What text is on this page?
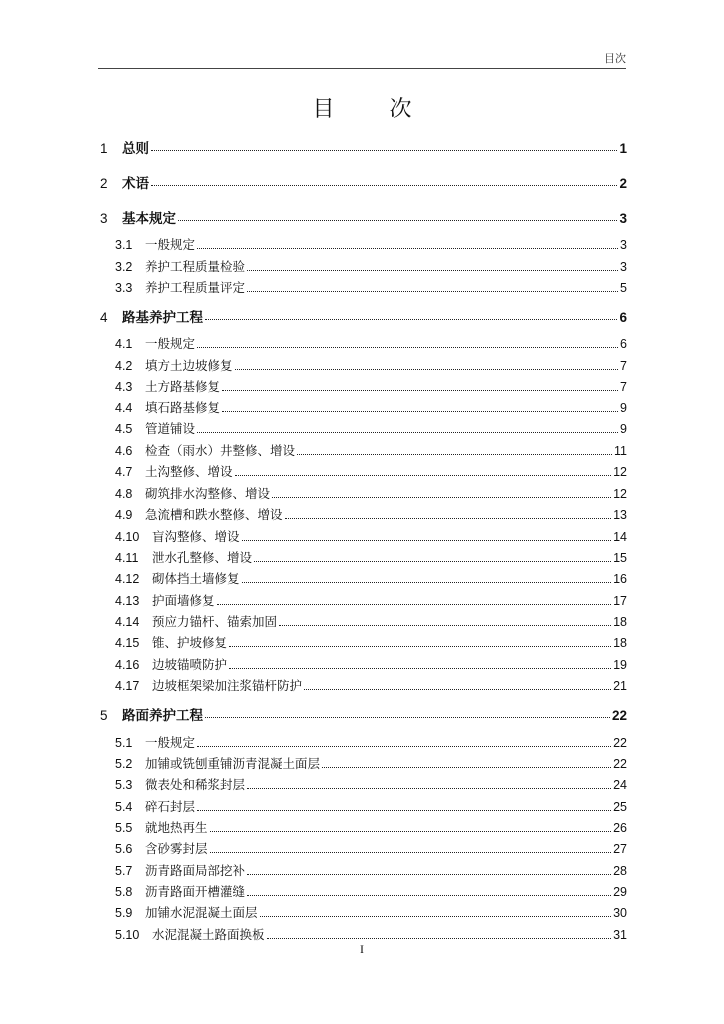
目次
目 次
1	总则	1
2	术语	2
3	基本规定	3
3.1	一般规定	3
3.2	养护工程质量检验	3
3.3	养护工程质量评定	5
4	路基养护工程	6
4.1	一般规定	6
4.2	填方土边坡修复	7
4.3	土方路基修复	7
4.4	填石路基修复	9
4.5	管道铺设	9
4.6	检查（雨水）井整修、增设	11
4.7	土沟整修、增设	12
4.8	砌筑排水沟整修、增设	12
4.9	急流槽和跌水整修、增设	13
4.10	盲沟整修、增设	14
4.11	泄水孔整修、增设	15
4.12	砌体挡土墙修复	16
4.13	护面墙修复	17
4.14	预应力锚杆、锚索加固	18
4.15	锥、护坡修复	18
4.16	边坡锚喷防护	19
4.17	边坡框架梁加注浆锚杆防护	21
5	路面养护工程	22
5.1	一般规定	22
5.2	加铺或铣刨重铺沥青混凝土面层	22
5.3	微表处和稀浆封层	24
5.4	碎石封层	25
5.5	就地热再生	26
5.6	含砂雾封层	27
5.7	沥青路面局部挖补	28
5.8	沥青路面开槽灌缝	29
5.9	加铺水泥混凝土面层	30
5.10	水泥混凝土路面换板	31
I
